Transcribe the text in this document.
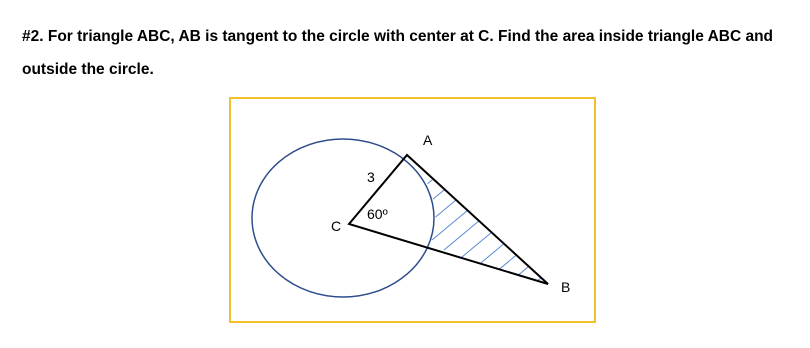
#2. For triangle ABC, AB is tangent to the circle with center at C. Find the area inside triangle ABC and
outside the circle.

A
B
C
3
60º
